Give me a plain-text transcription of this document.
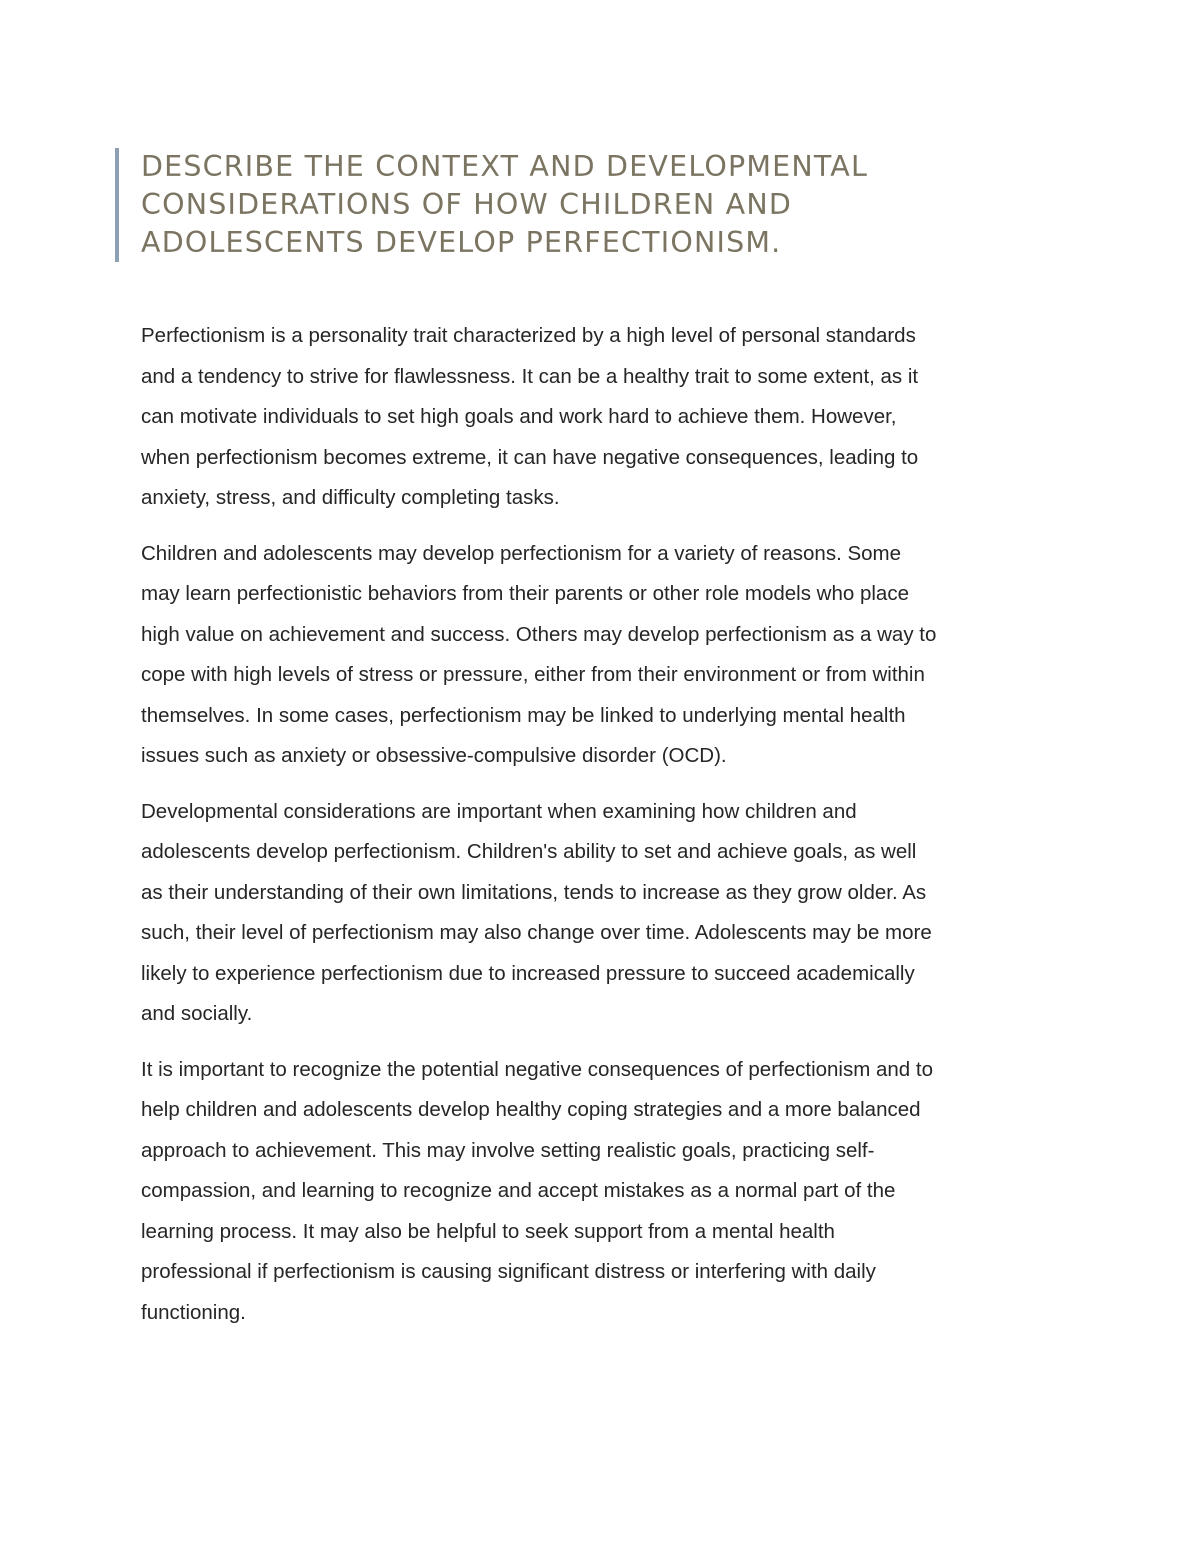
DESCRIBE THE CONTEXT AND DEVELOPMENTAL
CONSIDERATIONS OF HOW CHILDREN AND
ADOLESCENTS DEVELOP PERFECTIONISM.

Perfectionism is a personality trait characterized by a high level of personal standards
and a tendency to strive for flawlessness. It can be a healthy trait to some extent, as it
can motivate individuals to set high goals and work hard to achieve them. However,
when perfectionism becomes extreme, it can have negative consequences, leading to
anxiety, stress, and difficulty completing tasks.

Children and adolescents may develop perfectionism for a variety of reasons. Some
may learn perfectionistic behaviors from their parents or other role models who place
high value on achievement and success. Others may develop perfectionism as a way to
cope with high levels of stress or pressure, either from their environment or from within
themselves. In some cases, perfectionism may be linked to underlying mental health
issues such as anxiety or obsessive-compulsive disorder (OCD).

Developmental considerations are important when examining how children and
adolescents develop perfectionism. Children's ability to set and achieve goals, as well
as their understanding of their own limitations, tends to increase as they grow older. As
such, their level of perfectionism may also change over time. Adolescents may be more
likely to experience perfectionism due to increased pressure to succeed academically
and socially.

It is important to recognize the potential negative consequences of perfectionism and to
help children and adolescents develop healthy coping strategies and a more balanced
approach to achievement. This may involve setting realistic goals, practicing self-
compassion, and learning to recognize and accept mistakes as a normal part of the
learning process. It may also be helpful to seek support from a mental health
professional if perfectionism is causing significant distress or interfering with daily
functioning.
